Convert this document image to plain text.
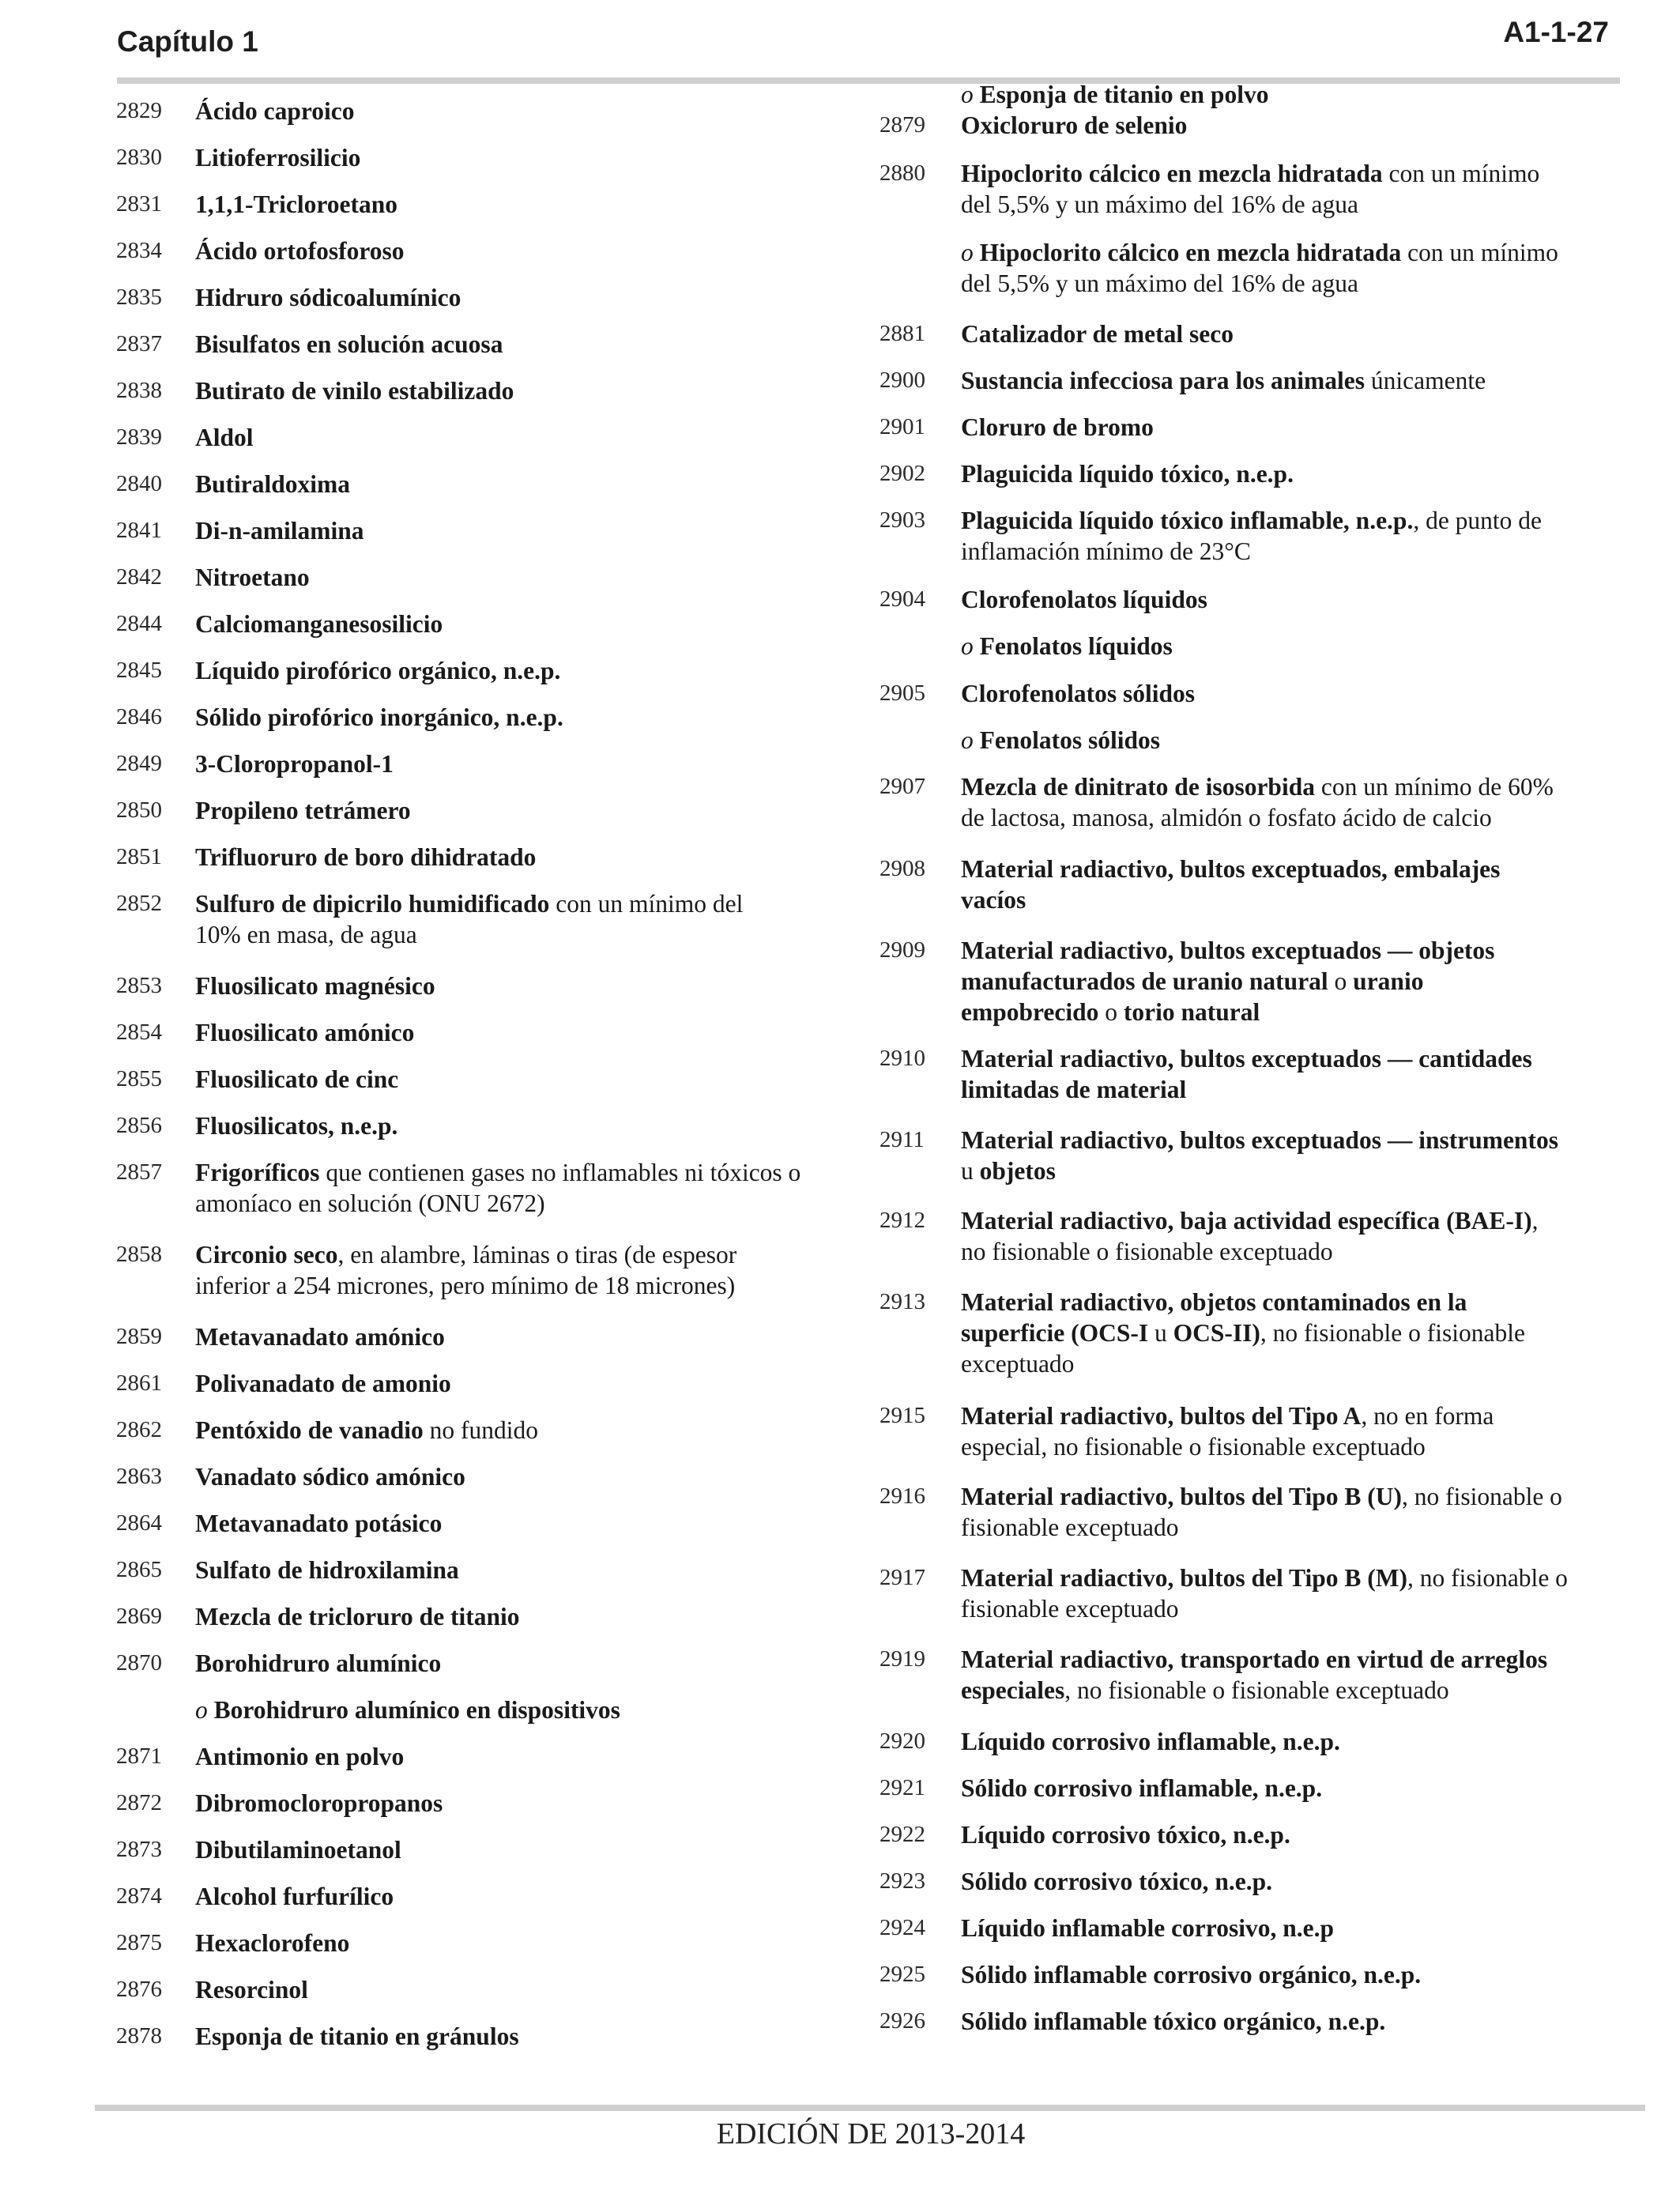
Capítulo 1	A1-1-27
2829 Ácido caproico
2830 Litioferrosilicio
2831 1,1,1-Tricloroetano
2834 Ácido ortofosforoso
2835 Hidruro sódicoalumínico
2837 Bisulfatos en solución acuosa
2838 Butirato de vinilo estabilizado
2839 Aldol
2840 Butiraldoxima
2841 Di-n-amilamina
2842 Nitroetano
2844 Calciomanganesosilicio
2845 Líquido pirofórico orgánico, n.e.p.
2846 Sólido pirofórico inorgánico, n.e.p.
2849 3-Cloropropanol-1
2850 Propileno tetrámero
2851 Trifluoruro de boro dihidratado
2852 Sulfuro de dipicrilo humidificado con un mínimo del
10% en masa, de agua
2853 Fluosilicato magnésico
2854 Fluosilicato amónico
2855 Fluosilicato de cinc
2856 Fluosilicatos, n.e.p.
2857 Frigoríficos que contienen gases no inflamables ni tóxicos o
amoníaco en solución (ONU 2672)
2858 Circonio seco, en alambre, láminas o tiras (de espesor
inferior a 254 micrones, pero mínimo de 18 micrones)
2859 Metavanadato amónico
2861 Polivanadato de amonio
2862 Pentóxido de vanadio no fundido
2863 Vanadato sódico amónico
2864 Metavanadato potásico
2865 Sulfato de hidroxilamina
2869 Mezcla de tricloruro de titanio
2870 Borohidruro alumínico
o Borohidruro alumínico en dispositivos
2871 Antimonio en polvo
2872 Dibromocloropropanos
2873 Dibutilaminoetanol
2874 Alcohol furfurílico
2875 Hexaclorofeno
2876 Resorcinol
2878 Esponja de titanio en gránulos
o Esponja de titanio en polvo
2879 Oxicloruro de selenio
2880 Hipoclorito cálcico en mezcla hidratada con un mínimo
del 5,5% y un máximo del 16% de agua
o Hipoclorito cálcico en mezcla hidratada con un mínimo
del 5,5% y un máximo del 16% de agua
2881 Catalizador de metal seco
2900 Sustancia infecciosa para los animales únicamente
2901 Cloruro de bromo
2902 Plaguicida líquido tóxico, n.e.p.
2903 Plaguicida líquido tóxico inflamable, n.e.p., de punto de
inflamación mínimo de 23°C
2904 Clorofenolatos líquidos
o Fenolatos líquidos
2905 Clorofenolatos sólidos
o Fenolatos sólidos
2907 Mezcla de dinitrato de isosorbida con un mínimo de 60%
de lactosa, manosa, almidón o fosfato ácido de calcio
2908 Material radiactivo, bultos exceptuados, embalajes
vacíos
2909 Material radiactivo, bultos exceptuados — objetos
manufacturados de uranio natural o uranio
empobrecido o torio natural
2910 Material radiactivo, bultos exceptuados — cantidades
limitadas de material
2911 Material radiactivo, bultos exceptuados — instrumentos
u objetos
2912 Material radiactivo, baja actividad específica (BAE-I),
no fisionable o fisionable exceptuado
2913 Material radiactivo, objetos contaminados en la
superficie (OCS-I u OCS-II), no fisionable o fisionable
exceptuado
2915 Material radiactivo, bultos del Tipo A, no en forma
especial, no fisionable o fisionable exceptuado
2916 Material radiactivo, bultos del Tipo B (U), no fisionable o
fisionable exceptuado
2917 Material radiactivo, bultos del Tipo B (M), no fisionable o
fisionable exceptuado
2919 Material radiactivo, transportado en virtud de arreglos
especiales, no fisionable o fisionable exceptuado
2920 Líquido corrosivo inflamable, n.e.p.
2921 Sólido corrosivo inflamable, n.e.p.
2922 Líquido corrosivo tóxico, n.e.p.
2923 Sólido corrosivo tóxico, n.e.p.
2924 Líquido inflamable corrosivo, n.e.p
2925 Sólido inflamable corrosivo orgánico, n.e.p.
2926 Sólido inflamable tóxico orgánico, n.e.p.
EDICIÓN DE 2013-2014
